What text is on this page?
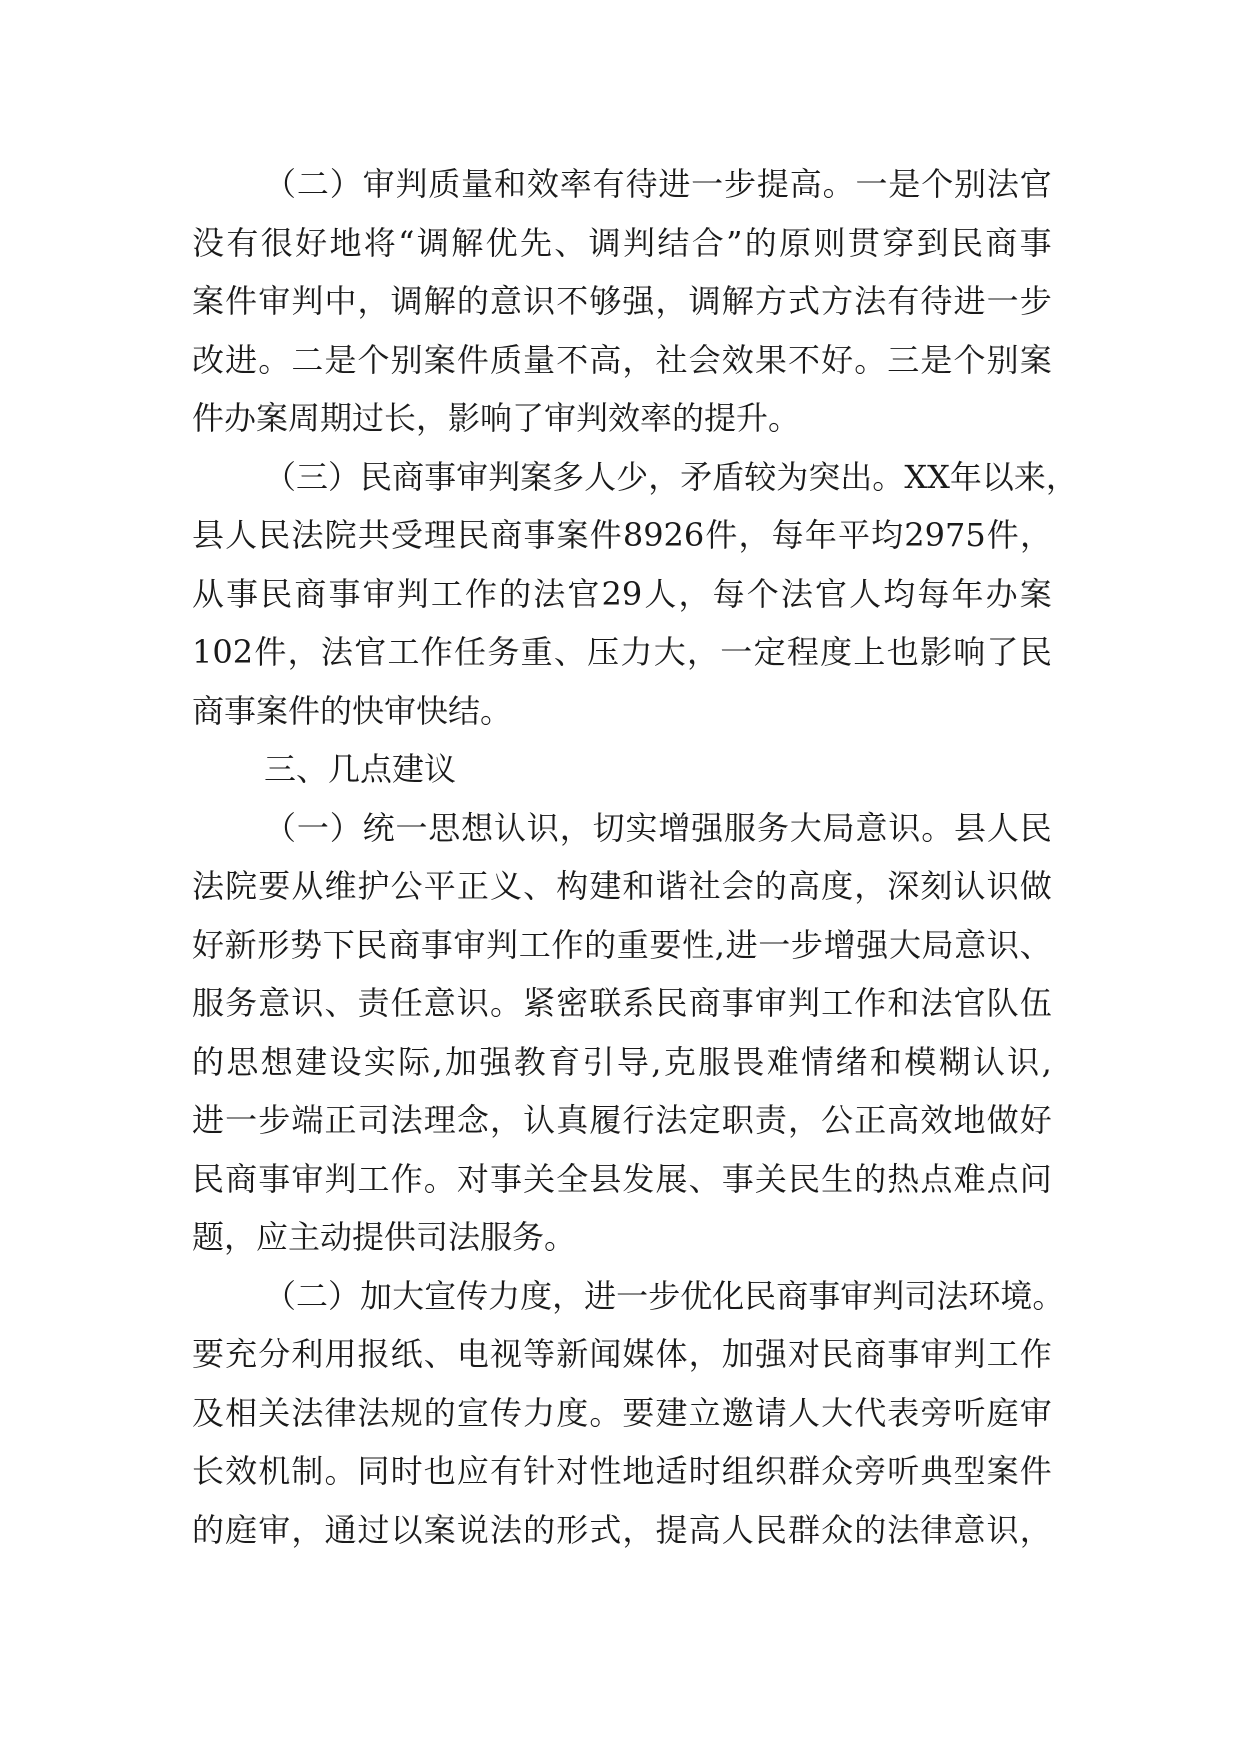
（ 二 ） 审 判 质 量 和 效 率 有 待 进 一 步 提 高 。 一 是 个 别 法 官
没 有 很 好 地 将 “ 调 解 优 先 、 调 判 结 合 ” 的 原 则 贯 穿 到 民 商 事
案 件 审 判 中 ， 调 解 的 意 识 不 够 强 ， 调 解 方 式 方 法 有 待 进 一 步
改 进 。 二 是 个 别 案 件 质 量 不 高 ， 社 会 效 果 不 好 。 三 是 个 别 案
件办案周期过长，影响了审判效率的提升。
（ 三 ） 民 商 事 审 判 案 多 人 少 ， 矛 盾 较 为 突 出 。 XX 年 以 来 ，
县 人 民 法 院 共 受 理 民 商 事 案 件 8926 件 ， 每 年 平 均 2975 件 ，
从 事 民 商 事 审 判 工 作 的 法 官 29 人 ， 每 个 法 官 人 均 每 年 办 案
102 件 ， 法 官 工 作 任 务 重 、 压 力 大 ， 一 定 程 度 上 也 影 响 了 民
商事案件的快审快结。
三、几点建议
（ 一 ） 统 一 思 想 认 识 ， 切 实 增 强 服 务 大 局 意 识 。 县 人 民
法 院 要 从 维 护 公 平 正 义 、 构 建 和 谐 社 会 的 高 度 ， 深 刻 认 识 做
好 新 形 势 下 民 商 事 审 判 工 作 的 重 要 性 , 进 一 步 增 强 大 局 意 识 、
服 务 意 识 、 责 任 意 识 。 紧 密 联 系 民 商 事 审 判 工 作 和 法 官 队 伍
的 思 想 建 设 实 际 , 加 强 教 育 引 导 , 克 服 畏 难 情 绪 和 模 糊 认 识 ,
进 一 步 端 正 司 法 理 念 ， 认 真 履 行 法 定 职 责 ， 公 正 高 效 地 做 好
民 商 事 审 判 工 作 。 对 事 关 全 县 发 展 、 事 关 民 生 的 热 点 难 点 问
题，应主动提供司法服务。
（ 二 ） 加 大 宣 传 力 度 ， 进 一 步 优 化 民 商 事 审 判 司 法 环 境 。
要 充 分 利 用 报 纸 、 电 视 等 新 闻 媒 体 ， 加 强 对 民 商 事 审 判 工 作
及 相 关 法 律 法 规 的 宣 传 力 度 。 要 建 立 邀 请 人 大 代 表 旁 听 庭 审
长 效 机 制 。 同 时 也 应 有 针 对 性 地 适 时 组 织 群 众 旁 听 典 型 案 件
的 庭 审 ， 通 过 以 案 说 法 的 形 式 ， 提 高 人 民 群 众 的 法 律 意 识 ，
